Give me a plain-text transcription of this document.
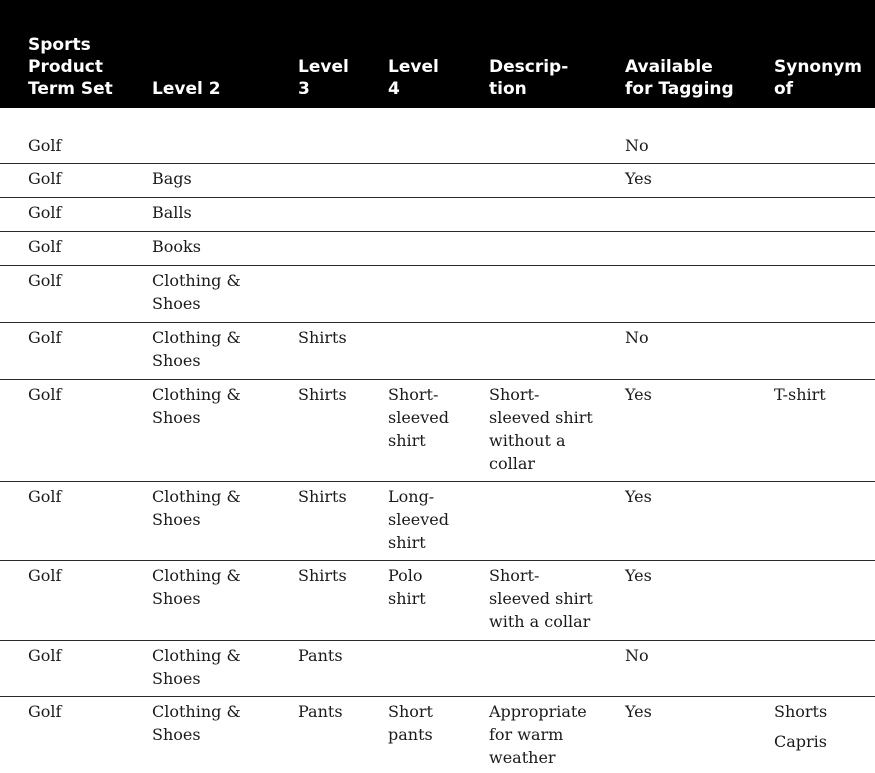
Sports
Product
Term Set	Level 2	Level
3	Level
4	Descrip-
tion	Available
for Tagging	Synonym
of

Golf					No	

Golf	Bags				Yes	

Golf	Balls					

Golf	Books					

Golf	Clothing &
Shoes					

Golf	Clothing &
Shoes	Shirts			No	

Golf	Clothing &
Shoes	Shirts	Short-
sleeved
shirt	Short-
sleeved shirt
without a
collar	Yes	T-shirt

Golf	Clothing &
Shoes	Shirts	Long-
sleeved
shirt		Yes	

Golf	Clothing &
Shoes	Shirts	Polo
shirt	Short-
sleeved shirt
with a collar	Yes	

Golf	Clothing &
Shoes	Pants			No	

Golf	Clothing &
Shoes	Pants	Short
pants	Appropriate
for warm
weather	Yes	Shorts
Capris
